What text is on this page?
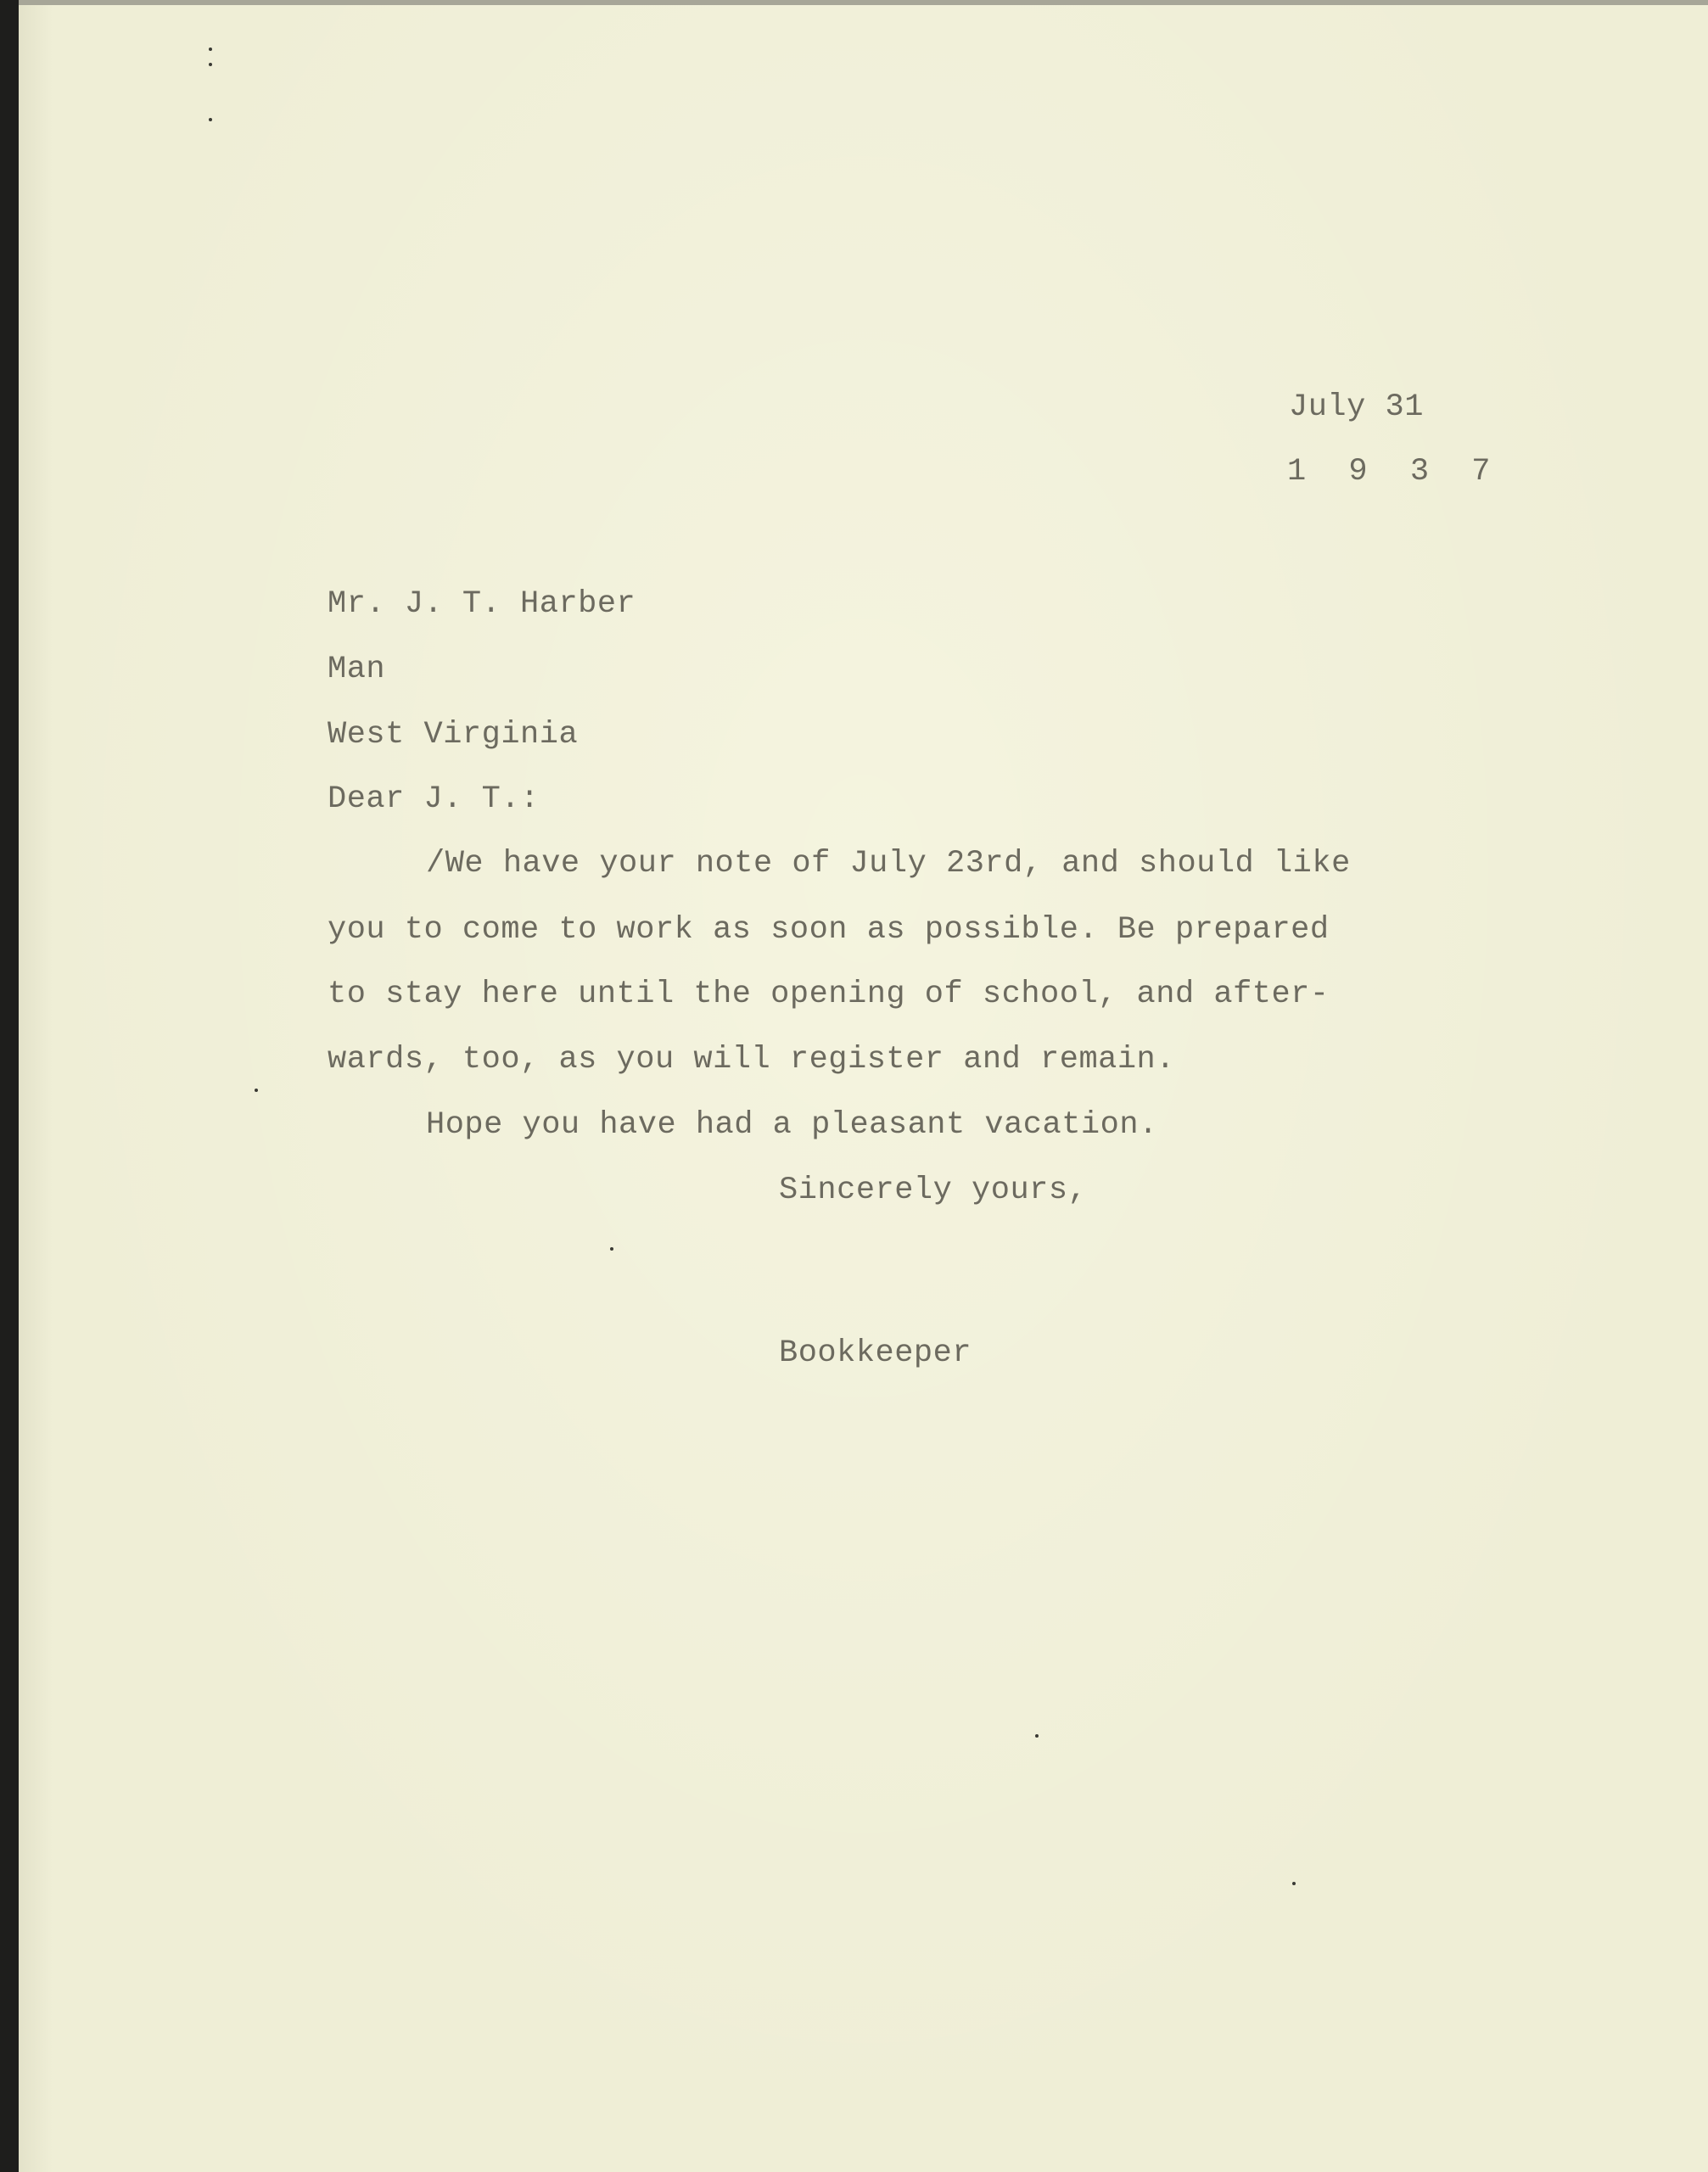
July 31
1 9 3 7
Mr. J. T. Harber
Man
West Virginia
Dear J. T.:
/We have your note of July 23rd, and should like
you to come to work as soon as possible. Be prepared
to stay here until the opening of school, and after-
wards, too, as you will register and remain.
Hope you have had a pleasant vacation.
Sincerely yours,
Bookkeeper
